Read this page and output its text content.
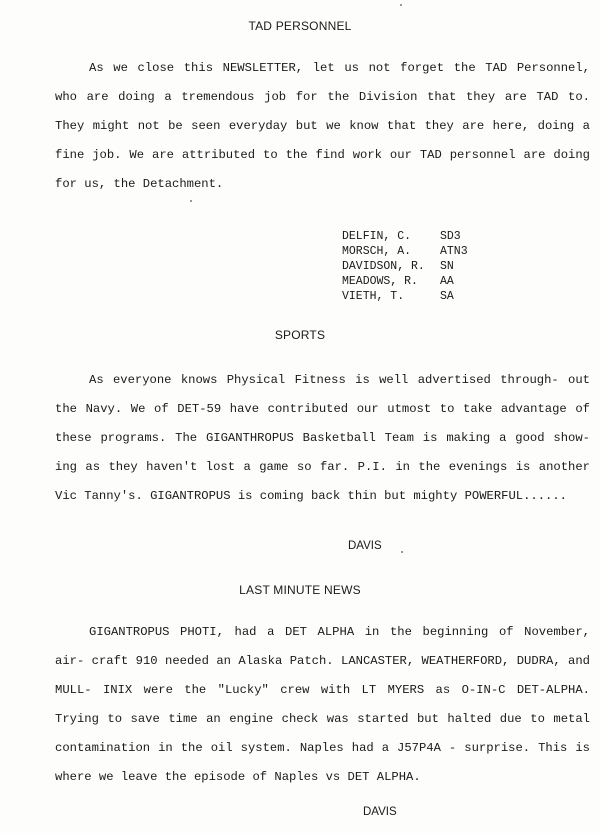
TAD PERSONNEL
As we close this NEWSLETTER, let us not forget the TAD Personnel, who are doing a tremendous job for the Division that they are TAD to. They might not be seen everyday but we know that they are here, doing a fine job. We are attributed to the find work our TAD personnel are doing for us, the Detachment.
DELFIN, C.	SD3
MORSCH, A.	ATN3
DAVIDSON, R.	SN
MEADOWS, R.	AA
VIETH, T.	SA
SPORTS
As everyone knows Physical Fitness is well advertised through- out the Navy. We of DET-59 have contributed our utmost to take advantage of these programs. The GIGANTHROPUS Basketball Team is making a good show- ing as they haven't lost a game so far. P.I. in the evenings is another Vic Tanny's. GIGANTROPUS is coming back thin but mighty POWERFUL......
DAVIS
LAST MINUTE NEWS
GIGANTROPUS PHOTI, had a DET ALPHA in the beginning of November, air- craft 910 needed an Alaska Patch. LANCASTER, WEATHERFORD, DUDRA, and MULL- INIX were the "Lucky" crew with LT MYERS as O-IN-C DET-ALPHA. Trying to save time an engine check was started but halted due to metal contamination in the oil system. Naples had a J57P4A - surprise. This is where we leave the episode of Naples vs DET ALPHA.
DAVIS
